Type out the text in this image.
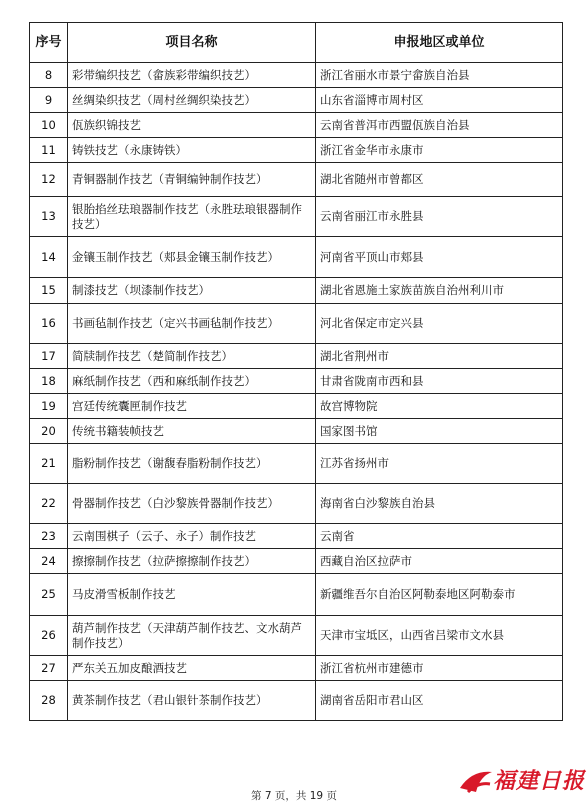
序号	项目名称	申报地区或单位
8	彩带编织技艺（畲族彩带编织技艺）	浙江省丽水市景宁畲族自治县
9	丝绸染织技艺（周村丝绸织染技艺）	山东省淄博市周村区
10	佤族织锦技艺	云南省普洱市西盟佤族自治县
11	铸铁技艺（永康铸铁）	浙江省金华市永康市
12	青铜器制作技艺（青铜编钟制作技艺）	湖北省随州市曾都区
13	银胎掐丝珐琅器制作技艺（永胜珐琅银器制作技艺）	云南省丽江市永胜县
14	金镶玉制作技艺（郏县金镶玉制作技艺）	河南省平顶山市郏县
15	制漆技艺（坝漆制作技艺）	湖北省恩施土家族苗族自治州利川市
16	书画毡制作技艺（定兴书画毡制作技艺）	河北省保定市定兴县
17	简牍制作技艺（楚简制作技艺）	湖北省荆州市
18	麻纸制作技艺（西和麻纸制作技艺）	甘肃省陇南市西和县
19	宫廷传统囊匣制作技艺	故宫博物院
20	传统书籍装帧技艺	国家图书馆
21	脂粉制作技艺（谢馥春脂粉制作技艺）	江苏省扬州市
22	骨器制作技艺（白沙黎族骨器制作技艺）	海南省白沙黎族自治县
23	云南围棋子（云子、永子）制作技艺	云南省
24	擦擦制作技艺（拉萨擦擦制作技艺）	西藏自治区拉萨市
25	马皮滑雪板制作技艺	新疆维吾尔自治区阿勒泰地区阿勒泰市
26	葫芦制作技艺（天津葫芦制作技艺、文水葫芦制作技艺）	天津市宝坻区，山西省吕梁市文水县
27	严东关五加皮酿酒技艺	浙江省杭州市建德市
28	黄茶制作技艺（君山银针茶制作技艺）	湖南省岳阳市君山区
第 7 页，共 19 页
福建日报
